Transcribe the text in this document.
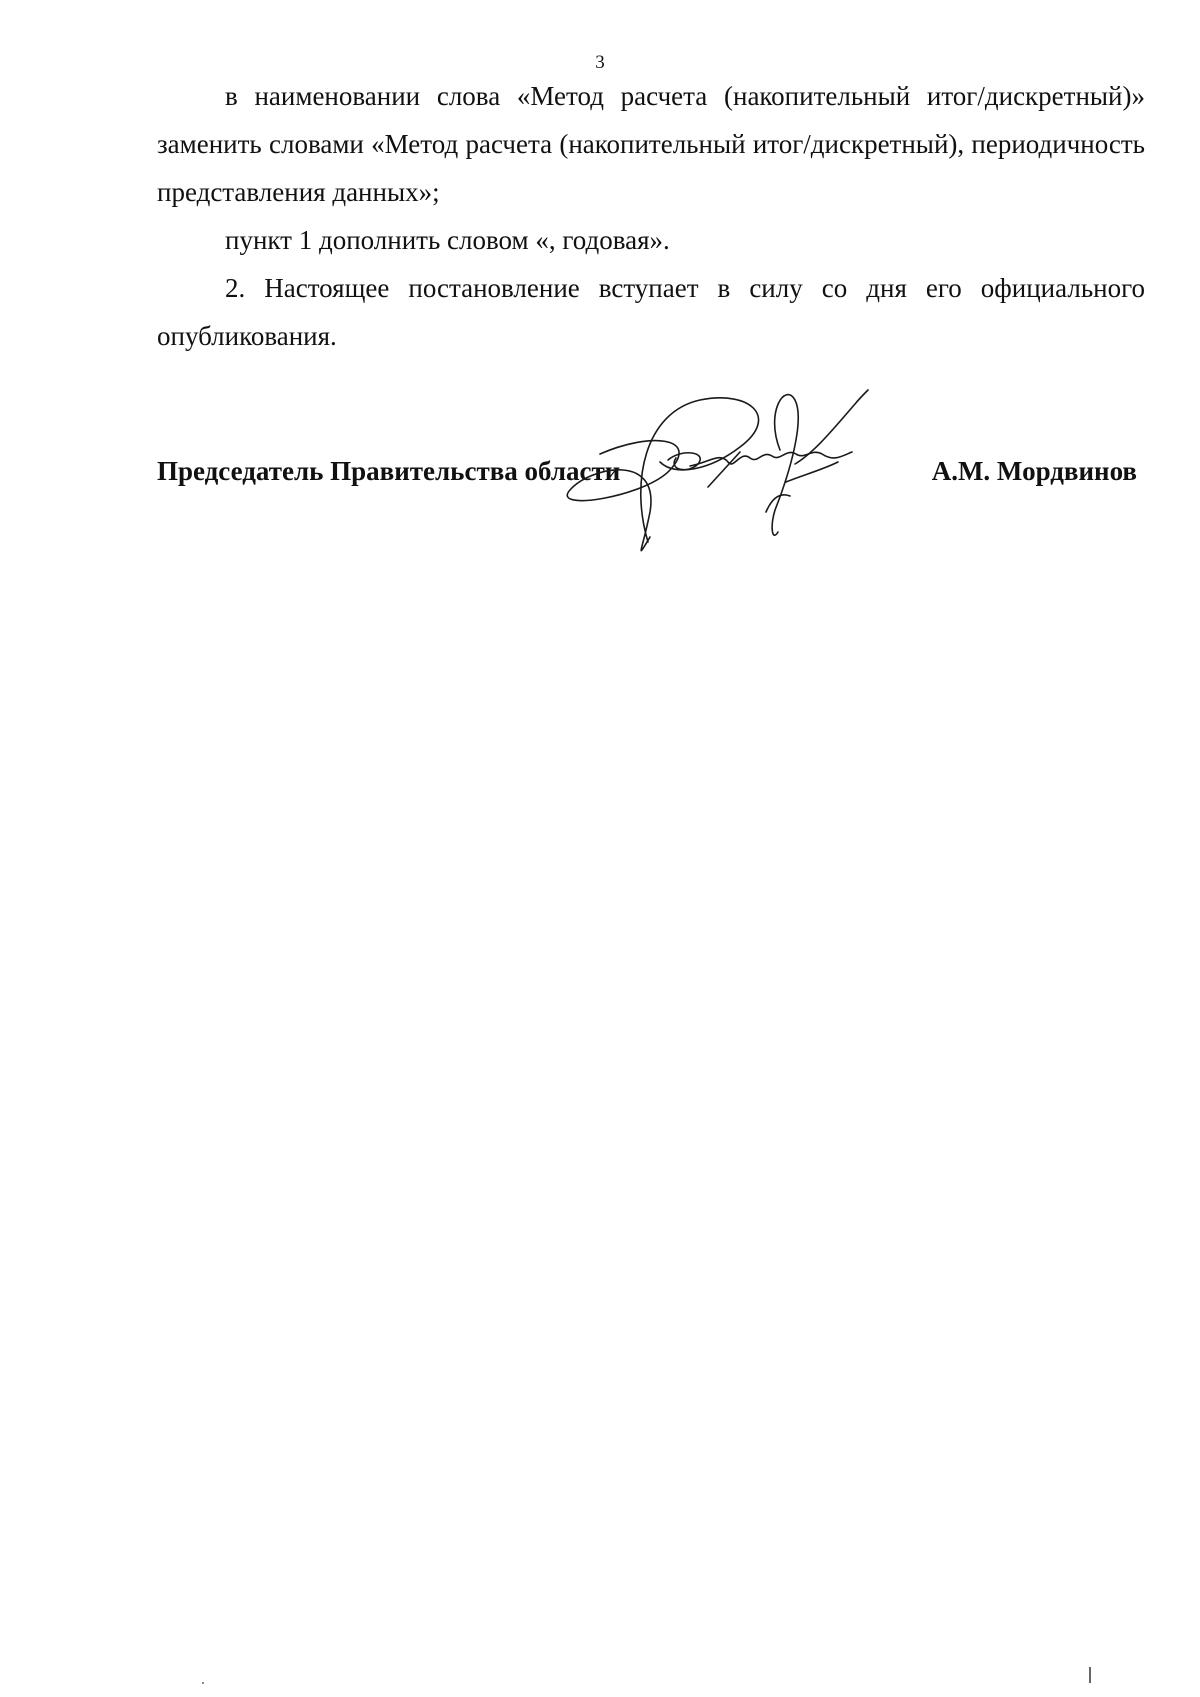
3

в наименовании слова «Метод расчета (накопительный итог/дискретный)» заменить словами «Метод расчета (накопительный итог/дискретный), периодичность представления данных»;

пункт 1 дополнить словом «, годовая».

2. Настоящее постановление вступает в силу со дня его официального опубликования.

Председатель Правительства области	А.М. Мордвинов
